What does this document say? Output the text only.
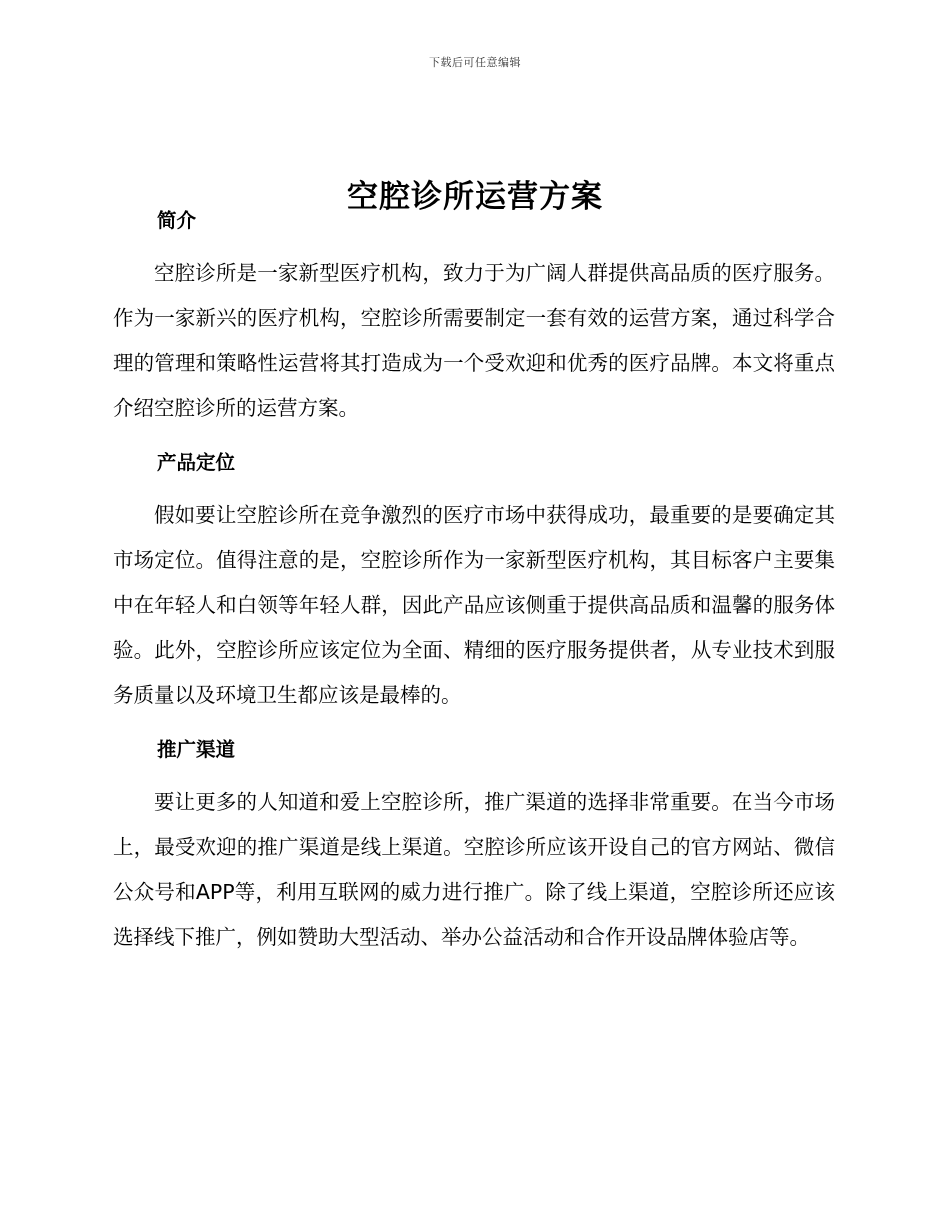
下载后可任意编辑
空腔诊所运营方案
简介

空腔诊所是一家新型医疗机构，致力于为广阔人群提供高品质的医疗服务。作为一家新兴的医疗机构，空腔诊所需要制定一套有效的运营方案，通过科学合理的管理和策略性运营将其打造成为一个受欢迎和优秀的医疗品牌。本文将重点介绍空腔诊所的运营方案。

产品定位

假如要让空腔诊所在竞争激烈的医疗市场中获得成功，最重要的是要确定其市场定位。值得注意的是，空腔诊所作为一家新型医疗机构，其目标客户主要集中在年轻人和白领等年轻人群，因此产品应该侧重于提供高品质和温馨的服务体验。此外，空腔诊所应该定位为全面、精细的医疗服务提供者，从专业技术到服务质量以及环境卫生都应该是最棒的。

推广渠道

要让更多的人知道和爱上空腔诊所，推广渠道的选择非常重要。在当今市场上，最受欢迎的推广渠道是线上渠道。空腔诊所应该开设自己的官方网站、微信公众号和APP等，利用互联网的威力进行推广。除了线上渠道，空腔诊所还应该选择线下推广，例如赞助大型活动、举办公益活动和合作开设品牌体验店等。
